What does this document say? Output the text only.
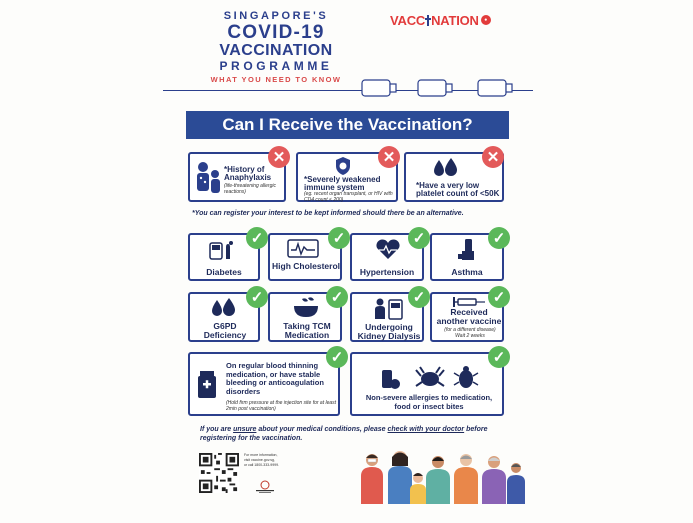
SINGAPORE'S
COVID-19
VACCINATION
PROGRAMME
WHAT YOU NEED TO KNOW
VACC NATION	●
Can I Receive the Vaccination?
*History of Anaphylaxis
(life-threatening allergic reactions)
✕
*Severely weakened immune system
(eg. recent organ transplant, or HIV with CD4 count < 200)
✕
*Have a very low platelet count of <50K
✕
*You can register your interest to be kept informed should there be an alternative.
Diabetes
✓
High Cholesterol
✓
Hypertension
✓
Asthma
✓
G6PD Deficiency
✓
Taking TCM Medication
✓
Undergoing Kidney Dialysis
✓
Received another vaccine
(for a different disease) Wait 2 weeks
✓
On regular blood thinning medication, or have stable bleeding or anticoagulation disorders
(Hold firm pressure at the injection site for at least 2min post vaccination)
✓
Non-severe allergies to medication, food or insect bites
✓
If you are unsure about your medical conditions, please check with your doctor before registering for the vaccination.
For more information,
visit vaccine.gov.sg,
or call 1800-333-9999.
